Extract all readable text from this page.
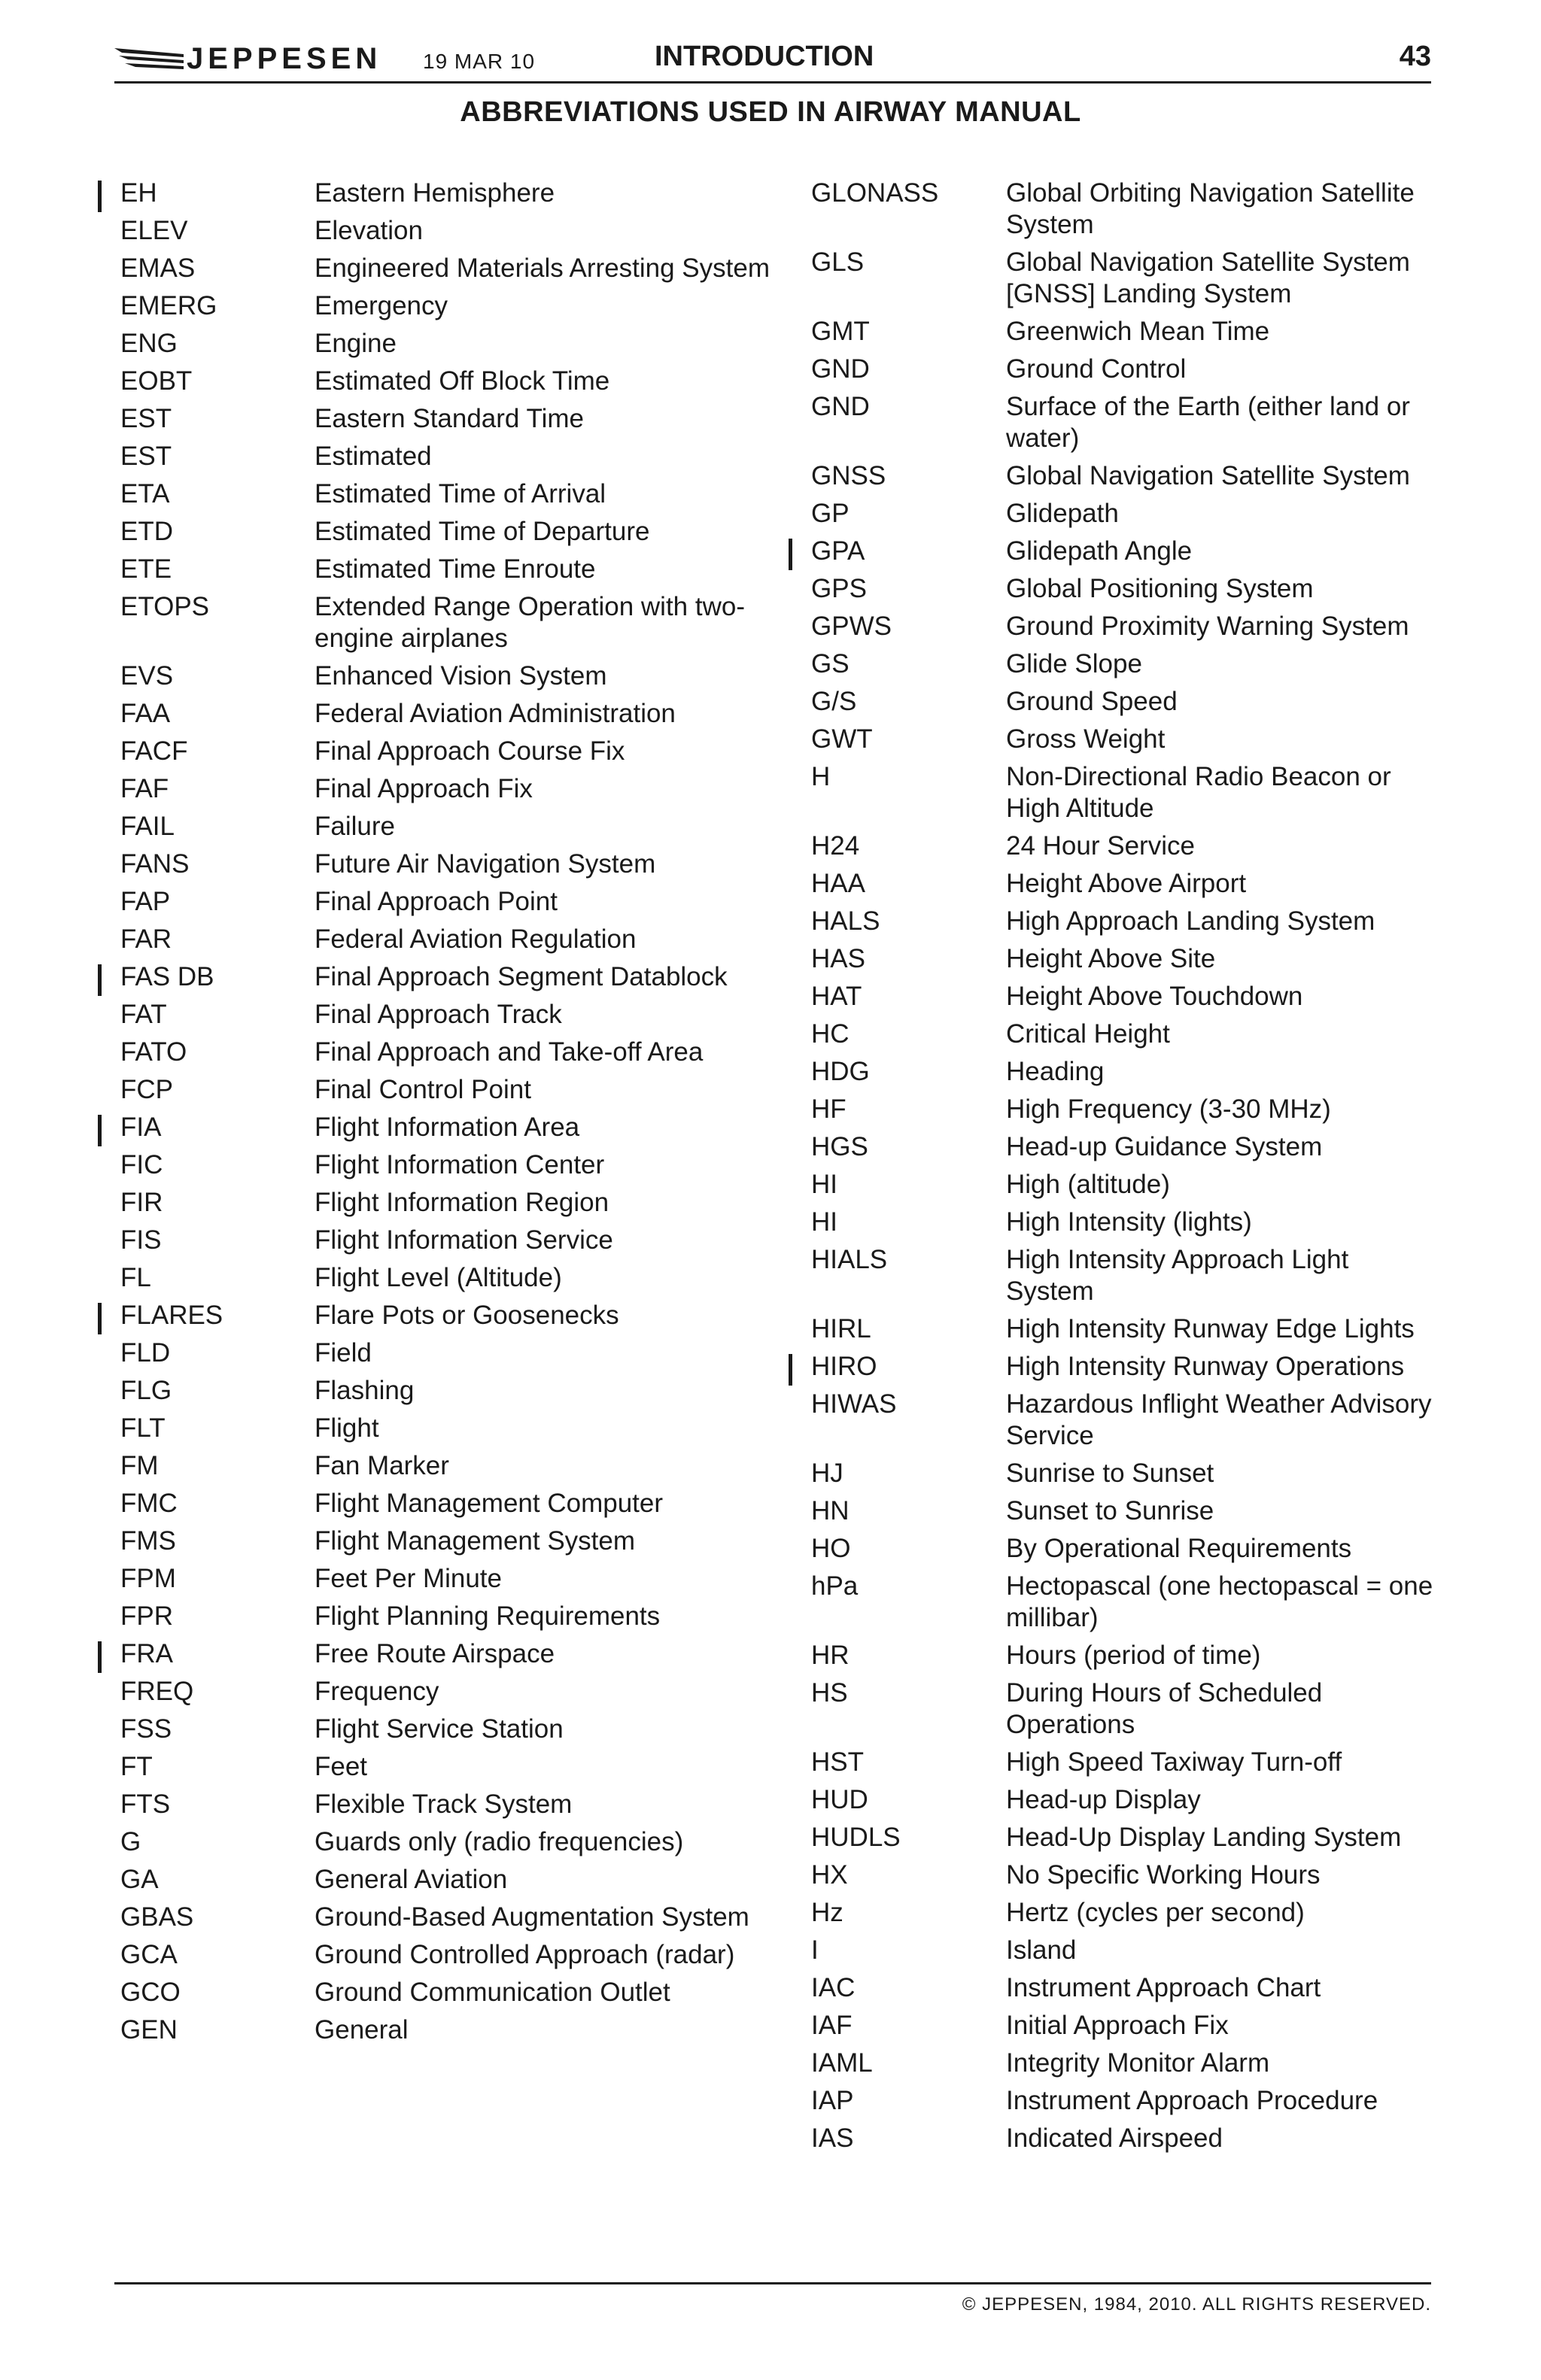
JEPPESEN 19 MAR 10	INTRODUCTION	43
ABBREVIATIONS USED IN AIRWAY MANUAL
EH	Eastern Hemisphere
ELEV	Elevation
EMAS	Engineered Materials Arresting System
EMERG	Emergency
ENG	Engine
EOBT	Estimated Off Block Time
EST	Eastern Standard Time
EST	Estimated
ETA	Estimated Time of Arrival
ETD	Estimated Time of Departure
ETE	Estimated Time Enroute
ETOPS	Extended Range Operation with two-engine airplanes
EVS	Enhanced Vision System
FAA	Federal Aviation Administration
FACF	Final Approach Course Fix
FAF	Final Approach Fix
FAIL	Failure
FANS	Future Air Navigation System
FAP	Final Approach Point
FAR	Federal Aviation Regulation
FAS DB	Final Approach Segment Datablock
FAT	Final Approach Track
FATO	Final Approach and Take-off Area
FCP	Final Control Point
FIA	Flight Information Area
FIC	Flight Information Center
FIR	Flight Information Region
FIS	Flight Information Service
FL	Flight Level (Altitude)
FLARES	Flare Pots or Goosenecks
FLD	Field
FLG	Flashing
FLT	Flight
FM	Fan Marker
FMC	Flight Management Computer
FMS	Flight Management System
FPM	Feet Per Minute
FPR	Flight Planning Requirements
FRA	Free Route Airspace
FREQ	Frequency
FSS	Flight Service Station
FT	Feet
FTS	Flexible Track System
G	Guards only (radio frequencies)
GA	General Aviation
GBAS	Ground-Based Augmentation System
GCA	Ground Controlled Approach (radar)
GCO	Ground Communication Outlet
GEN	General
GLONASS	Global Orbiting Navigation Satellite System
GLS	Global Navigation Satellite System [GNSS] Landing System
GMT	Greenwich Mean Time
GND	Ground Control
GND	Surface of the Earth (either land or water)
GNSS	Global Navigation Satellite System
GP	Glidepath
GPA	Glidepath Angle
GPS	Global Positioning System
GPWS	Ground Proximity Warning System
GS	Glide Slope
G/S	Ground Speed
GWT	Gross Weight
H	Non-Directional Radio Beacon or High Altitude
H24	24 Hour Service
HAA	Height Above Airport
HALS	High Approach Landing System
HAS	Height Above Site
HAT	Height Above Touchdown
HC	Critical Height
HDG	Heading
HF	High Frequency (3-30 MHz)
HGS	Head-up Guidance System
HI	High (altitude)
HI	High Intensity (lights)
HIALS	High Intensity Approach Light System
HIRL	High Intensity Runway Edge Lights
HIRO	High Intensity Runway Operations
HIWAS	Hazardous Inflight Weather Advisory Service
HJ	Sunrise to Sunset
HN	Sunset to Sunrise
HO	By Operational Requirements
hPa	Hectopascal (one hectopascal = one millibar)
HR	Hours (period of time)
HS	During Hours of Scheduled Operations
HST	High Speed Taxiway Turn-off
HUD	Head-up Display
HUDLS	Head-Up Display Landing System
HX	No Specific Working Hours
Hz	Hertz (cycles per second)
I	Island
IAC	Instrument Approach Chart
IAF	Initial Approach Fix
IAML	Integrity Monitor Alarm
IAP	Instrument Approach Procedure
IAS	Indicated Airspeed
© JEPPESEN, 1984, 2010. ALL RIGHTS RESERVED.
